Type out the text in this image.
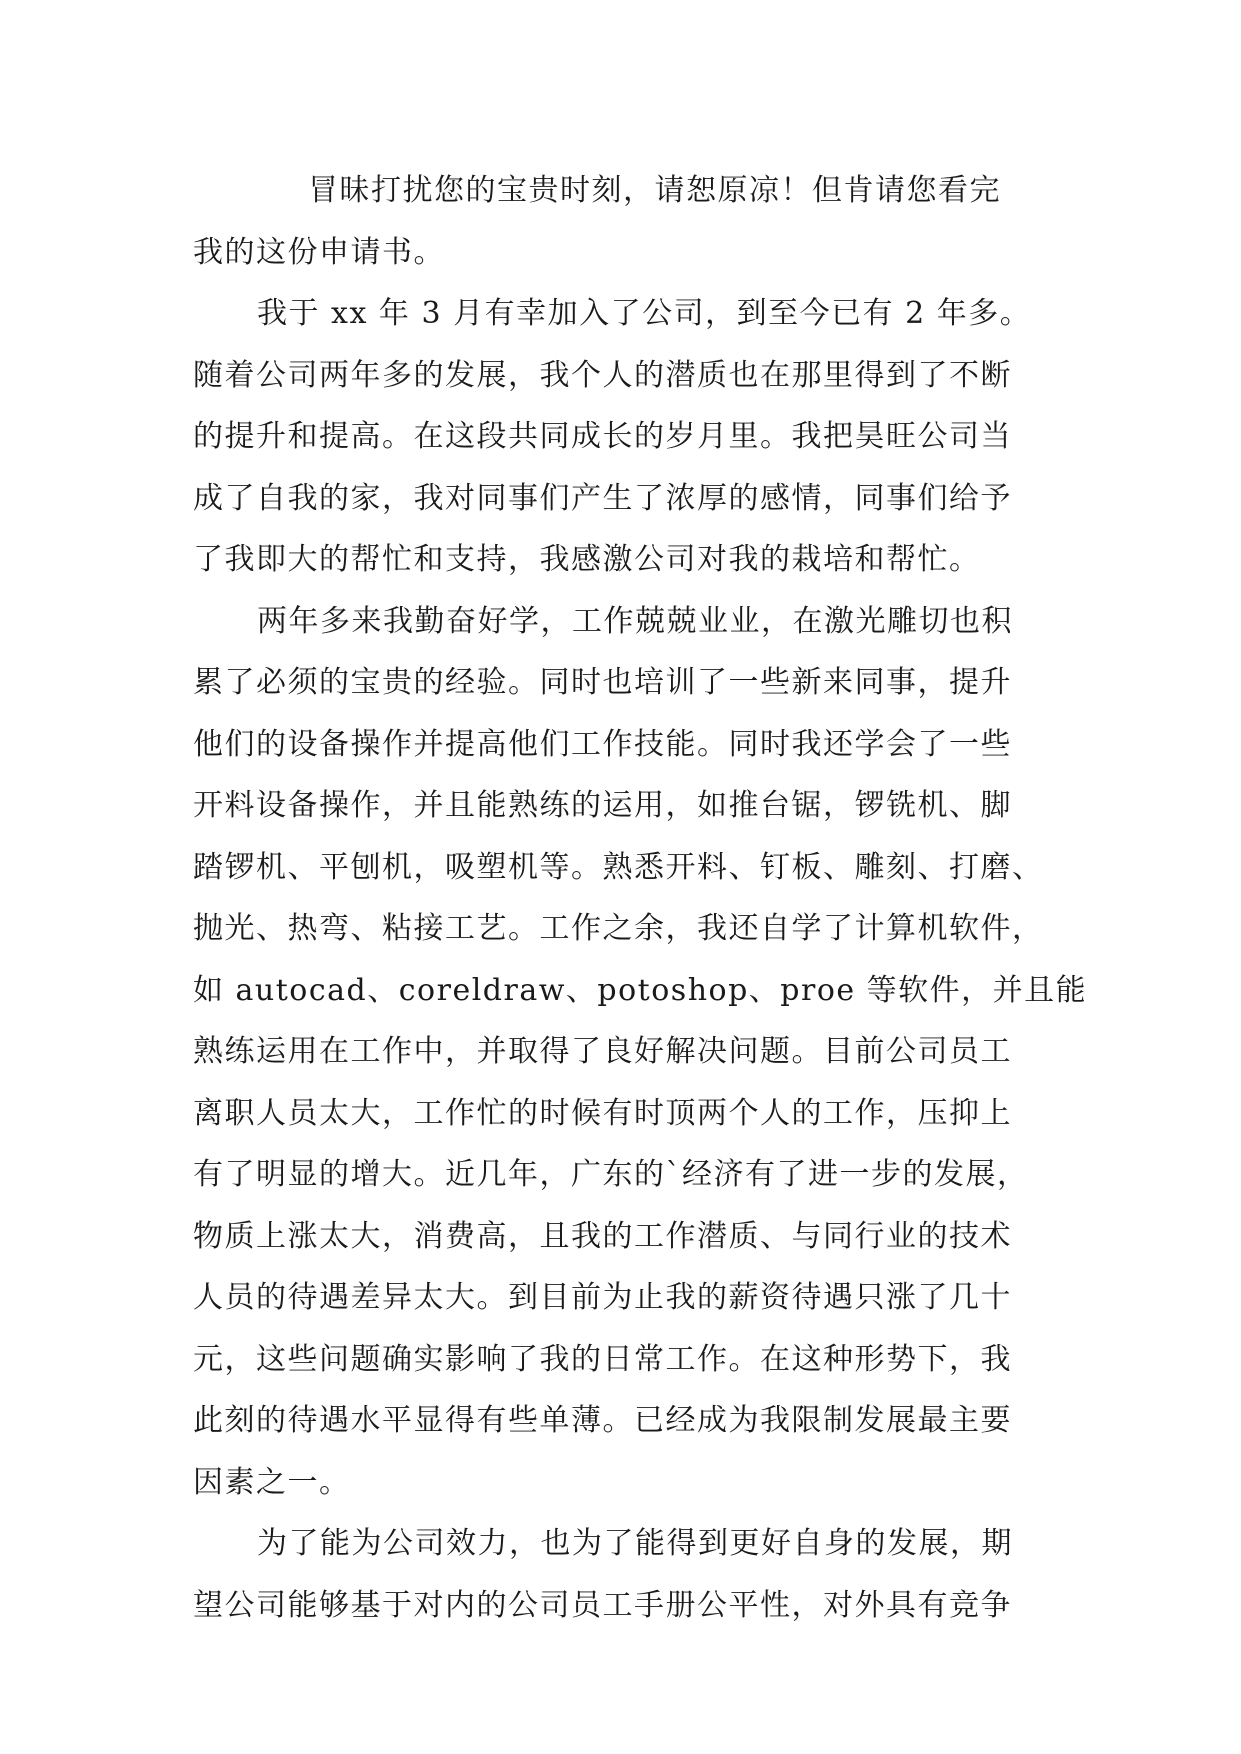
冒昧打扰您的宝贵时刻，请恕原凉！但肯请您看完
我的这份申请书。
我于 xx 年 3 月有幸加入了公司，到至今已有 2 年多。
随着公司两年多的发展，我个人的潜质也在那里得到了不断
的提升和提高。在这段共同成长的岁月里。我把昊旺公司当
成了自我的家，我对同事们产生了浓厚的感情，同事们给予
了我即大的帮忙和支持，我感激公司对我的栽培和帮忙。
两年多来我勤奋好学，工作兢兢业业，在激光雕切也积
累了必须的宝贵的经验。同时也培训了一些新来同事，提升
他们的设备操作并提高他们工作技能。同时我还学会了一些
开料设备操作，并且能熟练的运用，如推台锯，锣铣机、脚
踏锣机、平刨机，吸塑机等。熟悉开料、钉板、雕刻、打磨、
抛光、热弯、粘接工艺。工作之余，我还自学了计算机软件，
如 autocad、coreldraw、potoshop、proe 等软件，并且能
熟练运用在工作中，并取得了良好解决问题。目前公司员工
离职人员太大，工作忙的时候有时顶两个人的工作，压抑上
有了明显的增大。近几年，广东的`经济有了进一步的发展，
物质上涨太大，消费高，且我的工作潜质、与同行业的技术
人员的待遇差异太大。到目前为止我的薪资待遇只涨了几十
元，这些问题确实影响了我的日常工作。在这种形势下，我
此刻的待遇水平显得有些单薄。已经成为我限制发展最主要
因素之一。
为了能为公司效力，也为了能得到更好自身的发展，期
望公司能够基于对内的公司员工手册公平性，对外具有竞争
